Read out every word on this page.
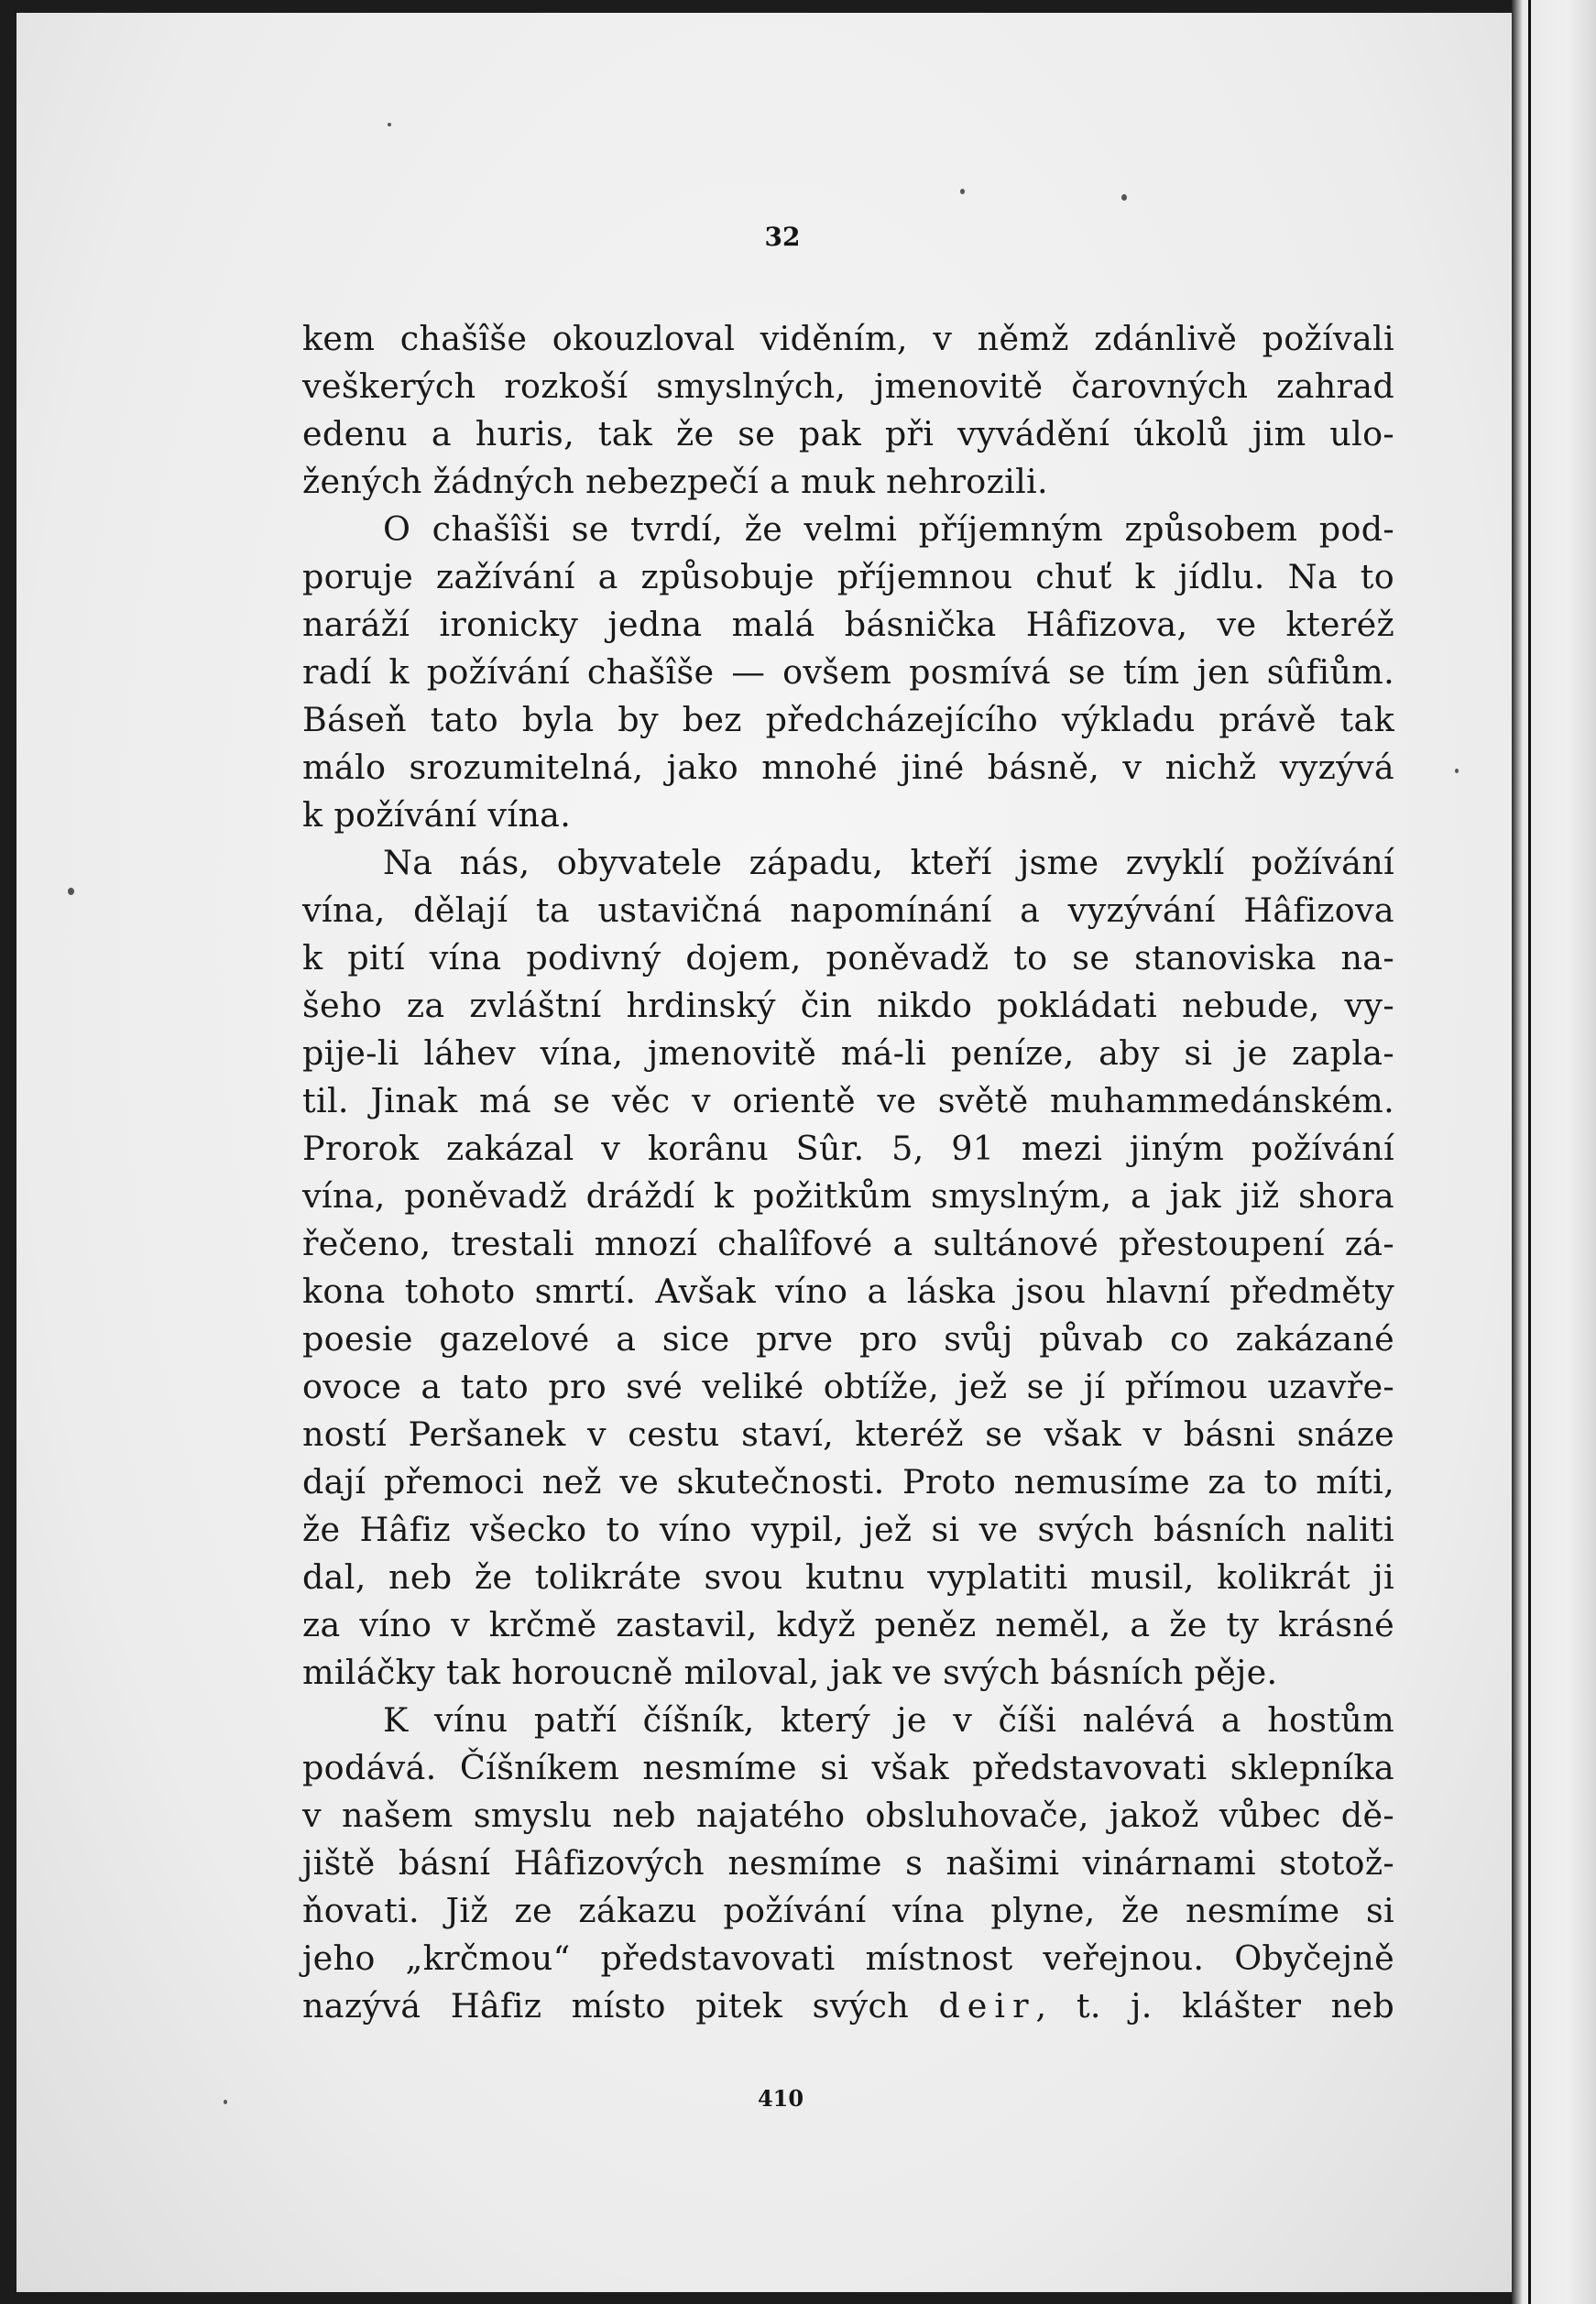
32
kem chašîše okouzloval viděním, v němž zdánlivě požívali
veškerých rozkoší smyslných, jmenovitě čarovných zahrad
edenu a huris, tak že se pak při vyvádění úkolů jim ulo-
žených žádných nebezpečí a muk nehrozili.
O chašîši se tvrdí, že velmi příjemným způsobem pod-
poruje zažívání a způsobuje příjemnou chuť k jídlu. Na to
naráží ironicky jedna malá básnička Hâfizova, ve kteréž
radí k požívání chašîše — ovšem posmívá se tím jen sûfiům.
Báseň tato byla by bez předcházejícího výkladu právě tak
málo srozumitelná, jako mnohé jiné básně, v nichž vyzývá
k požívání vína.
Na nás, obyvatele západu, kteří jsme zvyklí požívání
vína, dělají ta ustavičná napomínání a vyzývání Hâfizova
k pití vína podivný dojem, poněvadž to se stanoviska na-
šeho za zvláštní hrdinský čin nikdo pokládati nebude, vy-
pije-li láhev vína, jmenovitě má-li peníze, aby si je zapla-
til. Jinak má se věc v orientě ve světě muhammedánském.
Prorok zakázal v korânu Sûr. 5, 91 mezi jiným požívání
vína, poněvadž dráždí k požitkům smyslným, a jak již shora
řečeno, trestali mnozí chalîfové a sultánové přestoupení zá-
kona tohoto smrtí. Avšak víno a láska jsou hlavní předměty
poesie gazelové a sice prve pro svůj půvab co zakázané
ovoce a tato pro své veliké obtíže, jež se jí přímou uzavře-
ností Peršanek v cestu staví, kteréž se však v básni snáze
dají přemoci než ve skutečnosti. Proto nemusíme za to míti,
že Hâfiz všecko to víno vypil, jež si ve svých básních naliti
dal, neb že tolikráte svou kutnu vyplatiti musil, kolikrát ji
za víno v krčmě zastavil, když peněz neměl, a že ty krásné
miláčky tak horoucně miloval, jak ve svých básních pěje.
K vínu patří číšník, který je v číši nalévá a hostům
podává. Číšníkem nesmíme si však představovati sklepníka
v našem smyslu neb najatého obsluhovače, jakož vůbec dě-
jiště básní Hâfizových nesmíme s našimi vinárnami stotož-
ňovati. Již ze zákazu požívání vína plyne, že nesmíme si
jeho „krčmou“ představovati místnost veřejnou. Obyčejně
nazývá Hâfiz místo pitek svých deir, t. j. klášter neb
410
